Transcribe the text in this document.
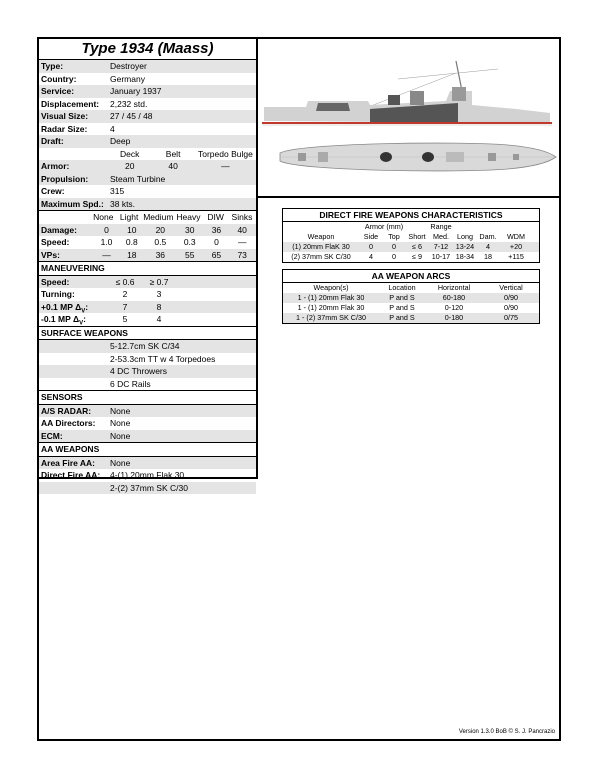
Type 1934 (Maass)
Type:	Destroyer
Country:	Germany
Service:	January 1937
Displacement:	2,232 std.
Visual Size:	27 / 45 / 48
Radar Size:	4
Draft:	Deep
Deck	Belt	Torpedo Bulge
Armor:	20	40	—
Propulsion:	Steam Turbine
Crew:	315
Maximum Spd.: 38 kts.
None Light Medium Heavy DIW Sinks
Damage:	0	10	20	30	36	40
Speed:	1.0	0.8	0.5	0.3	0	—
VPs:	—	18	36	55	65	73
MANEUVERING
Speed:	≤ 0.6	≥ 0.7
Turning:	2	3
+0.1 MP $\Delta_V$:	7	8
-0.1 MP $\Delta_V$:	5	4
SURFACE WEAPONS
5-12.7cm SK C/34
2-53.3cm TT w 4 Torpedoes
4 DC Throwers
6 DC Rails
SENSORS
A/S RADAR:	None
AA Directors:	None
ECM:	None
AA WEAPONS
Area Fire AA:	None
Direct Fire AA:	4-(1) 20mm Flak 30
2-(2) 37mm SK C/30
DIRECT FIRE WEAPONS CHARACTERISTICS
Armor (mm)	Range
Weapon	Side	Top	Short	Med.	Long Dam.	WDM
(1) 20mm FlaK 30	0	0	≤ 6	7-12	13-24	4	+20
(2) 37mm SK C/30	4	0	≤ 9	10-17 18-34	18	+115
AA WEAPON ARCS
Weapon(s)	Location	Horizontal	Vertical
1 - (1) 20mm Flak 30	P and S	60-180	0/90
1 - (1) 20mm Flak 30	P and S	0-120	0/90
1 - (2) 37mm SK C/30	P and S	0-180	0/75
Version 1.3.0 BoB © S. J. Pancrazio
